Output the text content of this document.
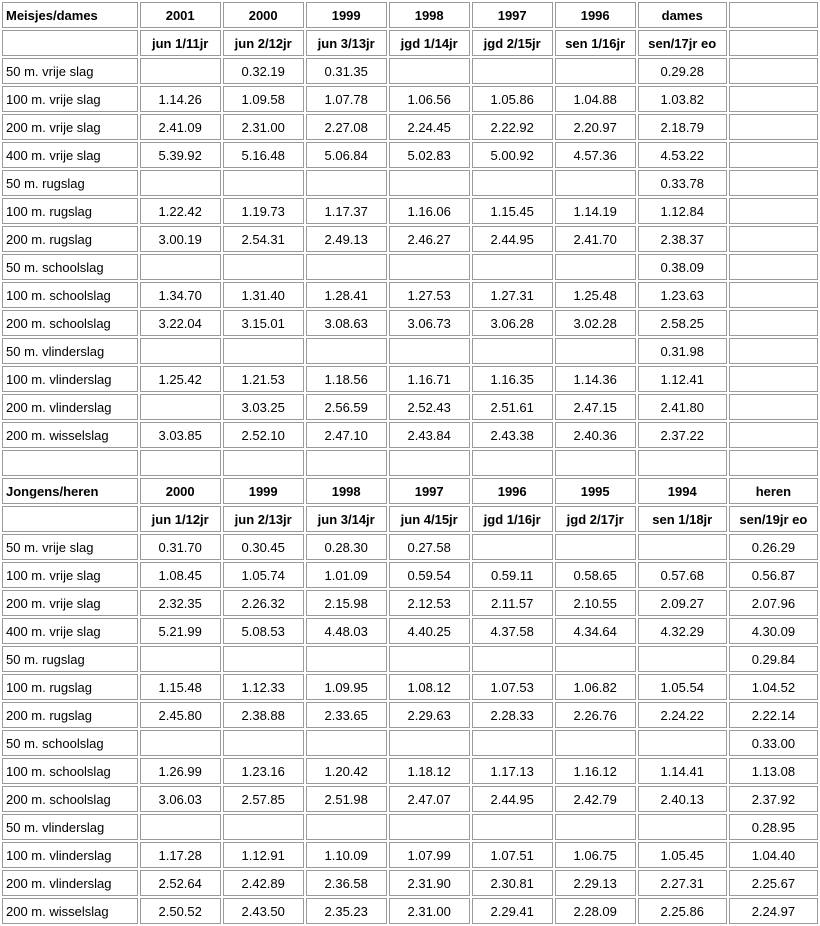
Meisjes/dames	2001	2000	1999	1998	1997	1996	dames	
	jun 1/11jr	jun 2/12jr	jun 3/13jr	jgd 1/14jr	jgd 2/15jr	sen 1/16jr	sen/17jr eo	
50 m. vrije slag		0.32.19	0.31.35				0.29.28	
100 m. vrije slag	1.14.26	1.09.58	1.07.78	1.06.56	1.05.86	1.04.88	1.03.82	
200 m. vrije slag	2.41.09	2.31.00	2.27.08	2.24.45	2.22.92	2.20.97	2.18.79	
400 m. vrije slag	5.39.92	5.16.48	5.06.84	5.02.83	5.00.92	4.57.36	4.53.22	
50 m. rugslag							0.33.78	
100 m. rugslag	1.22.42	1.19.73	1.17.37	1.16.06	1.15.45	1.14.19	1.12.84	
200 m. rugslag	3.00.19	2.54.31	2.49.13	2.46.27	2.44.95	2.41.70	2.38.37	
50 m. schoolslag							0.38.09	
100 m. schoolslag	1.34.70	1.31.40	1.28.41	1.27.53	1.27.31	1.25.48	1.23.63	
200 m. schoolslag	3.22.04	3.15.01	3.08.63	3.06.73	3.06.28	3.02.28	2.58.25	
50 m. vlinderslag							0.31.98	
100 m. vlinderslag	1.25.42	1.21.53	1.18.56	1.16.71	1.16.35	1.14.36	1.12.41	
200 m. vlinderslag		3.03.25	2.56.59	2.52.43	2.51.61	2.47.15	2.41.80	
200 m. wisselslag	3.03.85	2.52.10	2.47.10	2.43.84	2.43.38	2.40.36	2.37.22	

Jongens/heren	2000	1999	1998	1997	1996	1995	1994	heren
	jun 1/12jr	jun 2/13jr	jun 3/14jr	jun 4/15jr	jgd 1/16jr	jgd 2/17jr	sen 1/18jr	sen/19jr eo
50 m. vrije slag	0.31.70	0.30.45	0.28.30	0.27.58				0.26.29
100 m. vrije slag	1.08.45	1.05.74	1.01.09	0.59.54	0.59.11	0.58.65	0.57.68	0.56.87
200 m. vrije slag	2.32.35	2.26.32	2.15.98	2.12.53	2.11.57	2.10.55	2.09.27	2.07.96
400 m. vrije slag	5.21.99	5.08.53	4.48.03	4.40.25	4.37.58	4.34.64	4.32.29	4.30.09
50 m. rugslag								0.29.84
100 m. rugslag	1.15.48	1.12.33	1.09.95	1.08.12	1.07.53	1.06.82	1.05.54	1.04.52
200 m. rugslag	2.45.80	2.38.88	2.33.65	2.29.63	2.28.33	2.26.76	2.24.22	2.22.14
50 m. schoolslag								0.33.00
100 m. schoolslag	1.26.99	1.23.16	1.20.42	1.18.12	1.17.13	1.16.12	1.14.41	1.13.08
200 m. schoolslag	3.06.03	2.57.85	2.51.98	2.47.07	2.44.95	2.42.79	2.40.13	2.37.92
50 m. vlinderslag								0.28.95
100 m. vlinderslag	1.17.28	1.12.91	1.10.09	1.07.99	1.07.51	1.06.75	1.05.45	1.04.40
200 m. vlinderslag	2.52.64	2.42.89	2.36.58	2.31.90	2.30.81	2.29.13	2.27.31	2.25.67
200 m. wisselslag	2.50.52	2.43.50	2.35.23	2.31.00	2.29.41	2.28.09	2.25.86	2.24.97
